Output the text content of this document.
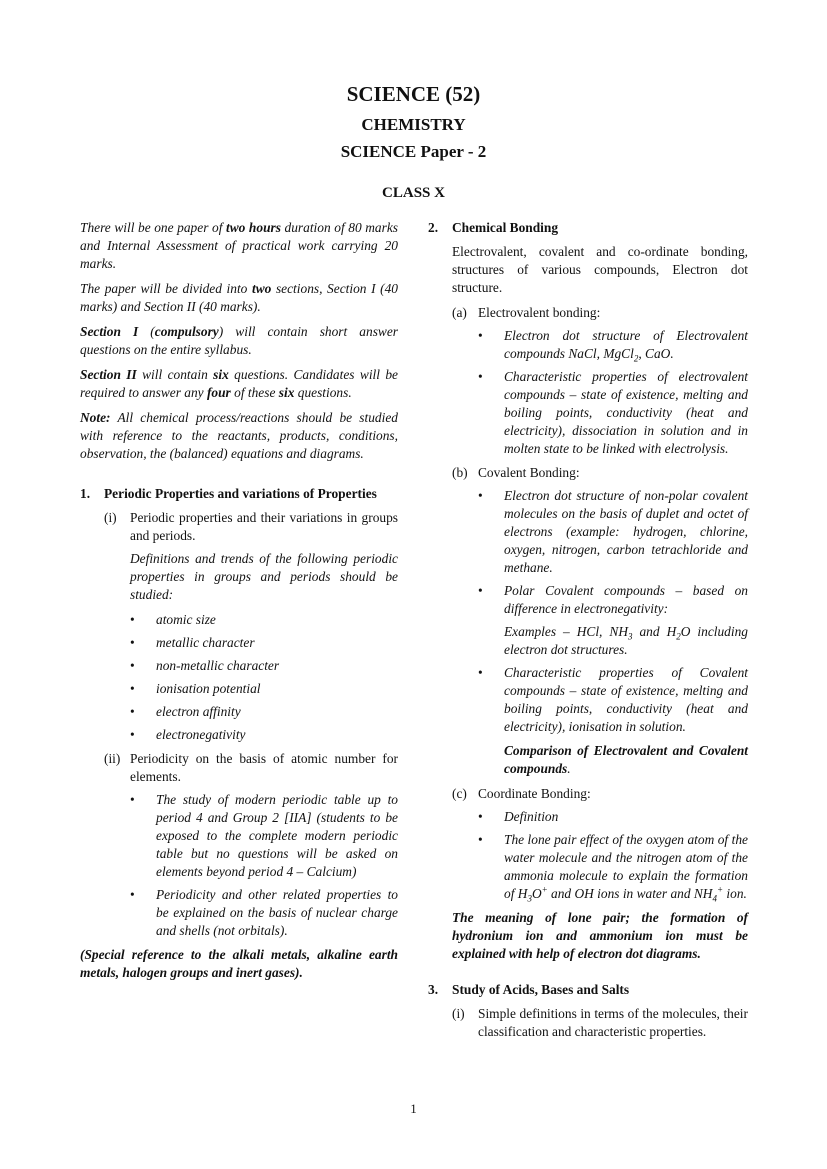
SCIENCE (52)
CHEMISTRY
SCIENCE Paper - 2
CLASS X

There will be one paper of two hours duration of 80 marks and Internal Assessment of practical work carrying 20 marks.

The paper will be divided into two sections, Section I (40 marks) and Section II (40 marks).

Section I (compulsory) will contain short answer questions on the entire syllabus.

Section II will contain six questions. Candidates will be required to answer any four of these six questions.

Note: All chemical process/reactions should be studied with reference to the reactants, products, conditions, observation, the (balanced) equations and diagrams.

1.	Periodic Properties and variations of Properties
(i) Periodic properties and their variations in groups and periods.

Definitions and trends of the following periodic properties in groups and periods should be studied:

•	atomic size
•	metallic character
•	non-metallic character
•	ionisation potential
•	electron affinity
•	electronegativity
(ii) Periodicity on the basis of atomic number for elements.
•	The study of modern periodic table up to period 4 and Group 2 [IIA] (students to be exposed to the complete modern periodic table but no questions will be asked on elements beyond period 4 – Calcium)
•	Periodicity and other related properties to be explained on the basis of nuclear charge and shells (not orbitals).

(Special reference to the alkali metals, alkaline earth metals, halogen groups and inert gases).

2.	Chemical Bonding

Electrovalent, covalent and co-ordinate bonding, structures of various compounds, Electron dot structure.

(a) Electrovalent bonding:
•	Electron dot structure of Electrovalent compounds NaCl, MgCl$_2$, CaO.
•	Characteristic properties of electrovalent compounds – state of existence, melting and boiling points, conductivity (heat and electricity), dissociation in solution and in molten state to be linked with electrolysis.
(b) Covalent Bonding:
•	Electron dot structure of non-polar covalent molecules on the basis of duplet and octet of electrons (example: hydrogen, chlorine, oxygen, nitrogen, carbon tetrachloride and methane.
•	Polar Covalent compounds – based on difference in electronegativity:
Examples – HCl, $NH_3$ and $H_2O$ including electron dot structures.
•	Characteristic properties of Covalent compounds – state of existence, melting and boiling points, conductivity (heat and electricity), ionisation in solution.

Comparison of Electrovalent and Covalent compounds.

(c) Coordinate Bonding:
•	Definition
•	The lone pair effect of the oxygen atom of the water molecule and the nitrogen atom of the ammonia molecule to explain the formation of $H_3O^+$ and OH ions in water and $NH_4^+$ ion.

The meaning of lone pair; the formation of hydronium ion and ammonium ion must be explained with help of electron dot diagrams.

3.	Study of Acids, Bases and Salts
(i) Simple definitions in terms of the molecules, their classification and characteristic properties.
1
